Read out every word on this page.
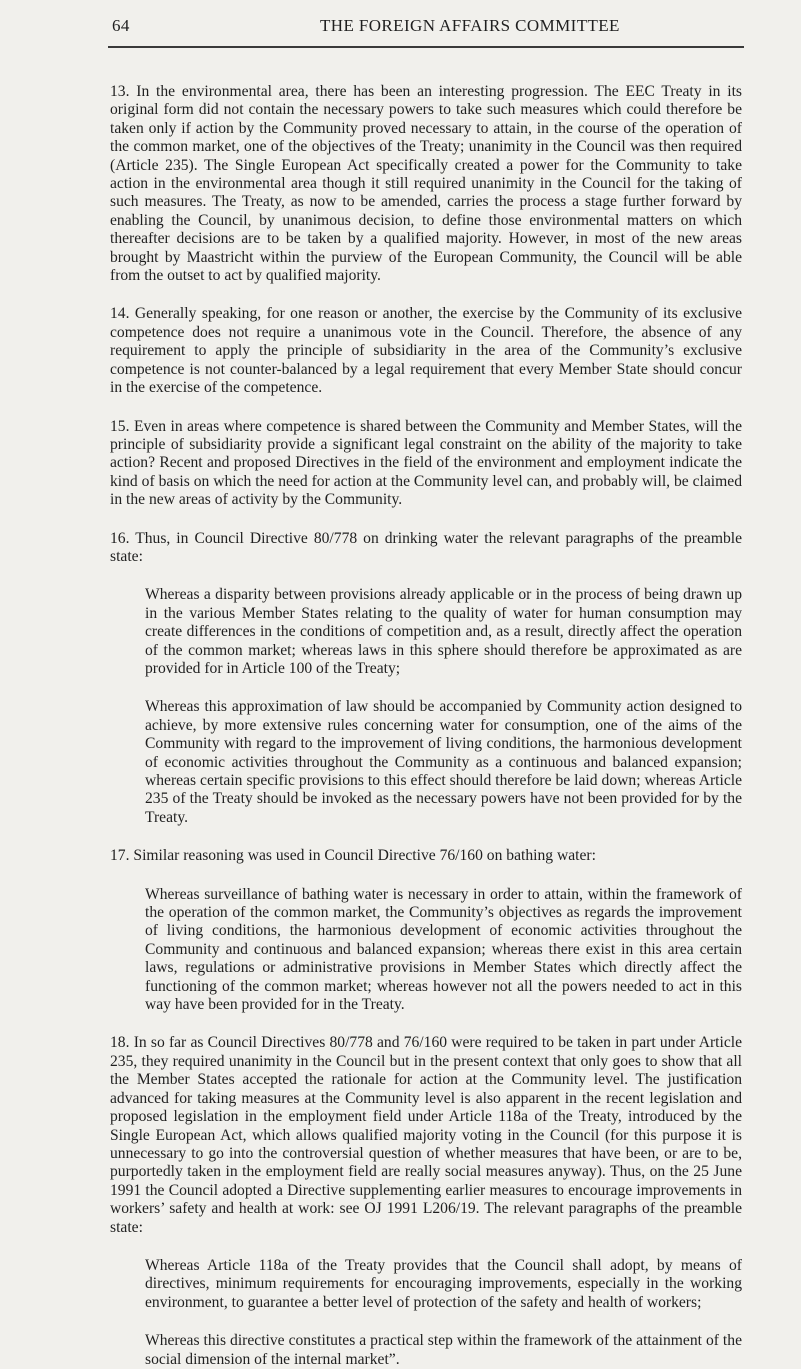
64	THE FOREIGN AFFAIRS COMMITTEE

13. In the environmental area, there has been an interesting progression. The EEC Treaty in its original form did not contain the necessary powers to take such measures which could therefore be taken only if action by the Community proved necessary to attain, in the course of the operation of the common market, one of the objectives of the Treaty; unanimity in the Council was then required (Article 235). The Single European Act specifically created a power for the Community to take action in the environmental area though it still required unanimity in the Council for the taking of such measures. The Treaty, as now to be amended, carries the process a stage further forward by enabling the Council, by unanimous decision, to define those environmental matters on which thereafter decisions are to be taken by a qualified majority. However, in most of the new areas brought by Maastricht within the purview of the European Community, the Council will be able from the outset to act by qualified majority.

14. Generally speaking, for one reason or another, the exercise by the Community of its exclusive competence does not require a unanimous vote in the Council. Therefore, the absence of any requirement to apply the principle of subsidiarity in the area of the Community’s exclusive competence is not counter-balanced by a legal requirement that every Member State should concur in the exercise of the competence.

15. Even in areas where competence is shared between the Community and Member States, will the principle of subsidiarity provide a significant legal constraint on the ability of the majority to take action? Recent and proposed Directives in the field of the environment and employment indicate the kind of basis on which the need for action at the Community level can, and probably will, be claimed in the new areas of activity by the Community.

16. Thus, in Council Directive 80/778 on drinking water the relevant paragraphs of the preamble state:

Whereas a disparity between provisions already applicable or in the process of being drawn up in the various Member States relating to the quality of water for human consumption may create differences in the conditions of competition and, as a result, directly affect the operation of the common market; whereas laws in this sphere should therefore be approximated as are provided for in Article 100 of the Treaty;

Whereas this approximation of law should be accompanied by Community action designed to achieve, by more extensive rules concerning water for consumption, one of the aims of the Community with regard to the improvement of living conditions, the harmonious development of economic activities throughout the Community as a continuous and balanced expansion; whereas certain specific provisions to this effect should therefore be laid down; whereas Article 235 of the Treaty should be invoked as the necessary powers have not been provided for by the Treaty.

17. Similar reasoning was used in Council Directive 76/160 on bathing water:

Whereas surveillance of bathing water is necessary in order to attain, within the framework of the operation of the common market, the Community’s objectives as regards the improvement of living conditions, the harmonious development of economic activities throughout the Community and continuous and balanced expansion; whereas there exist in this area certain laws, regulations or administrative provisions in Member States which directly affect the functioning of the common market; whereas however not all the powers needed to act in this way have been provided for in the Treaty.

18. In so far as Council Directives 80/778 and 76/160 were required to be taken in part under Article 235, they required unanimity in the Council but in the present context that only goes to show that all the Member States accepted the rationale for action at the Community level. The justification advanced for taking measures at the Community level is also apparent in the recent legislation and proposed legislation in the employment field under Article 118a of the Treaty, introduced by the Single European Act, which allows qualified majority voting in the Council (for this purpose it is unnecessary to go into the controversial question of whether measures that have been, or are to be, purportedly taken in the employment field are really social measures anyway). Thus, on the 25 June 1991 the Council adopted a Directive supplementing earlier measures to encourage improvements in workers’ safety and health at work: see OJ 1991 L206/19. The relevant paragraphs of the preamble state:

Whereas Article 118a of the Treaty provides that the Council shall adopt, by means of directives, minimum requirements for encouraging improvements, especially in the working environment, to guarantee a better level of protection of the safety and health of workers;

Whereas this directive constitutes a practical step within the framework of the attainment of the social dimension of the internal market”.
